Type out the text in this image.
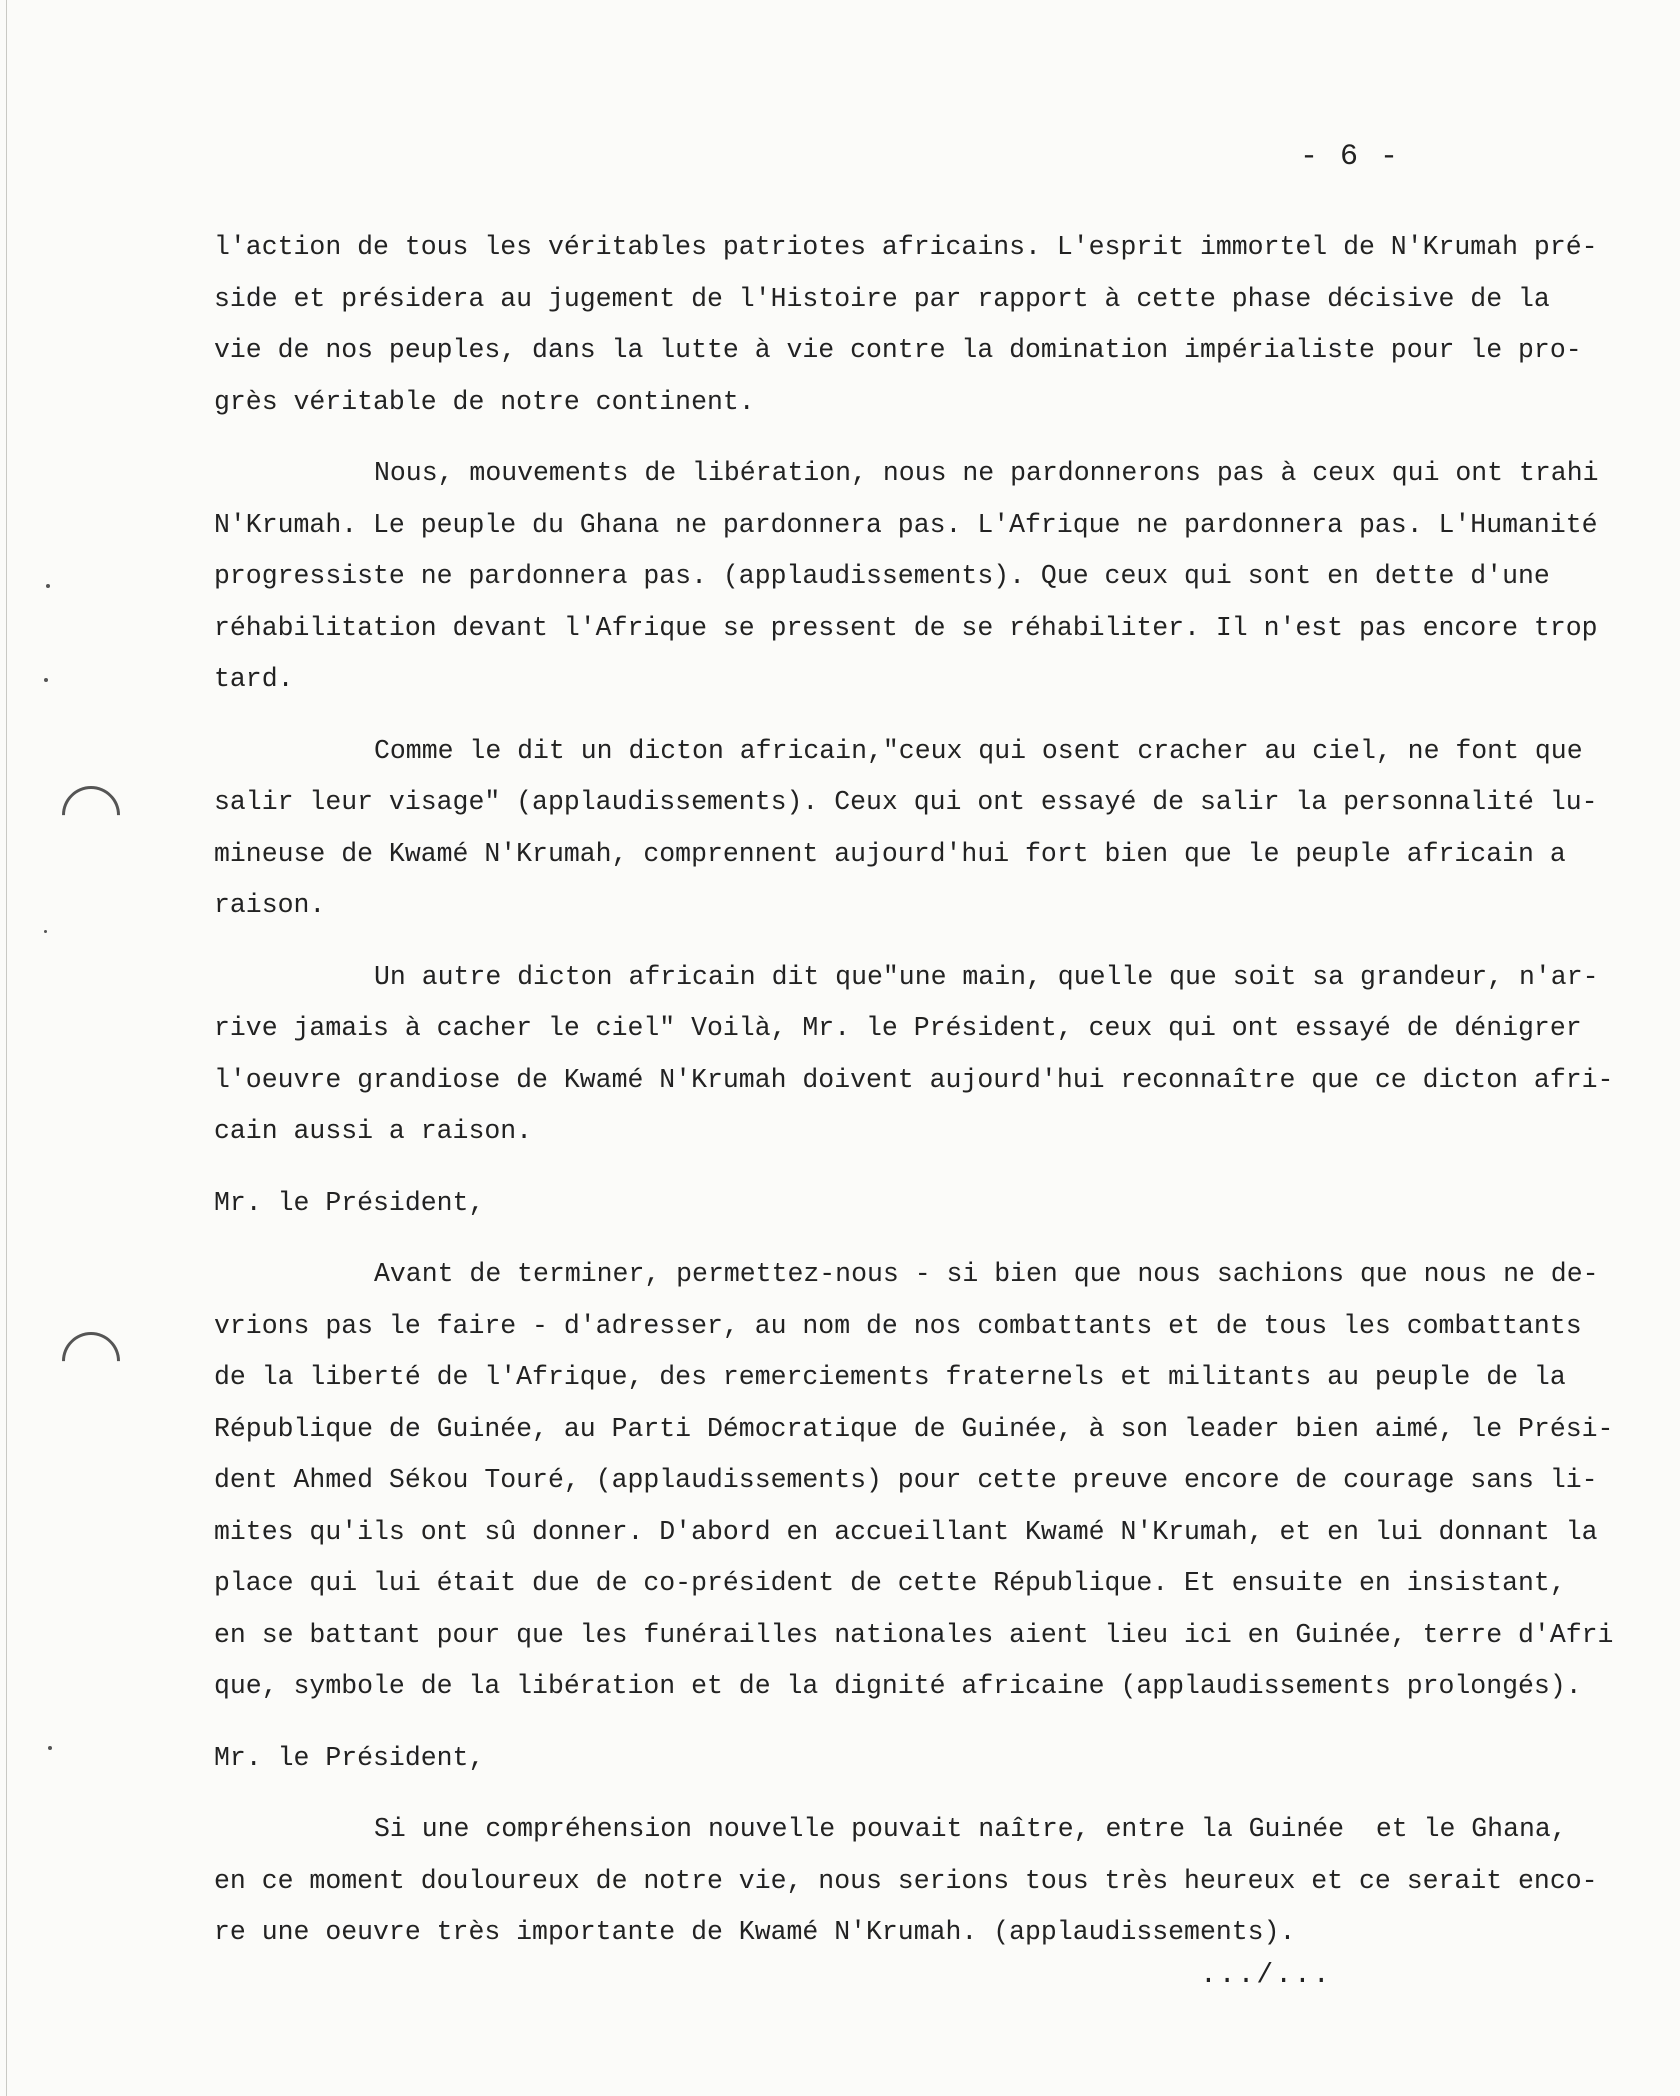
- 6 -
l'action de tous les véritables patriotes africains. L'esprit immortel de N'Krumah pré-
side et présidera au jugement de l'Histoire par rapport à cette phase décisive de la
vie de nos peuples, dans la lutte à vie contre la domination impérialiste pour le pro-
grès véritable de notre continent.
Nous, mouvements de libération, nous ne pardonnerons pas à ceux qui ont trahi
N'Krumah. Le peuple du Ghana ne pardonnera pas. L'Afrique ne pardonnera pas. L'Humanité
progressiste ne pardonnera pas. (applaudissements). Que ceux qui sont en dette d'une
réhabilitation devant l'Afrique se pressent de se réhabiliter. Il n'est pas encore trop
tard.
Comme le dit un dicton africain,"ceux qui osent cracher au ciel, ne font que
salir leur visage" (applaudissements). Ceux qui ont essayé de salir la personnalité lu-
mineuse de Kwamé N'Krumah, comprennent aujourd'hui fort bien que le peuple africain a
raison.
Un autre dicton africain dit que"une main, quelle que soit sa grandeur, n'ar-
rive jamais à cacher le ciel" Voilà, Mr. le Président, ceux qui ont essayé de dénigrer
l'oeuvre grandiose de Kwamé N'Krumah doivent aujourd'hui reconnaître que ce dicton afri-
cain aussi a raison.
Mr. le Président,
Avant de terminer, permettez-nous - si bien que nous sachions que nous ne de-
vrions pas le faire - d'adresser, au nom de nos combattants et de tous les combattants
de la liberté de l'Afrique, des remerciements fraternels et militants au peuple de la
République de Guinée, au Parti Démocratique de Guinée, à son leader bien aimé, le Prési-
dent Ahmed Sékou Touré, (applaudissements) pour cette preuve encore de courage sans li-
mites qu'ils ont sû donner. D'abord en accueillant Kwamé N'Krumah, et en lui donnant la
place qui lui était due de co-président de cette République. Et ensuite en insistant,
en se battant pour que les funérailles nationales aient lieu ici en Guinée, terre d'Afri
que, symbole de la libération et de la dignité africaine (applaudissements prolongés).
Mr. le Président,
Si une compréhension nouvelle pouvait naître, entre la Guinée  et le Ghana,
en ce moment douloureux de notre vie, nous serions tous très heureux et ce serait enco-
re une oeuvre très importante de Kwamé N'Krumah. (applaudissements).
.../...
